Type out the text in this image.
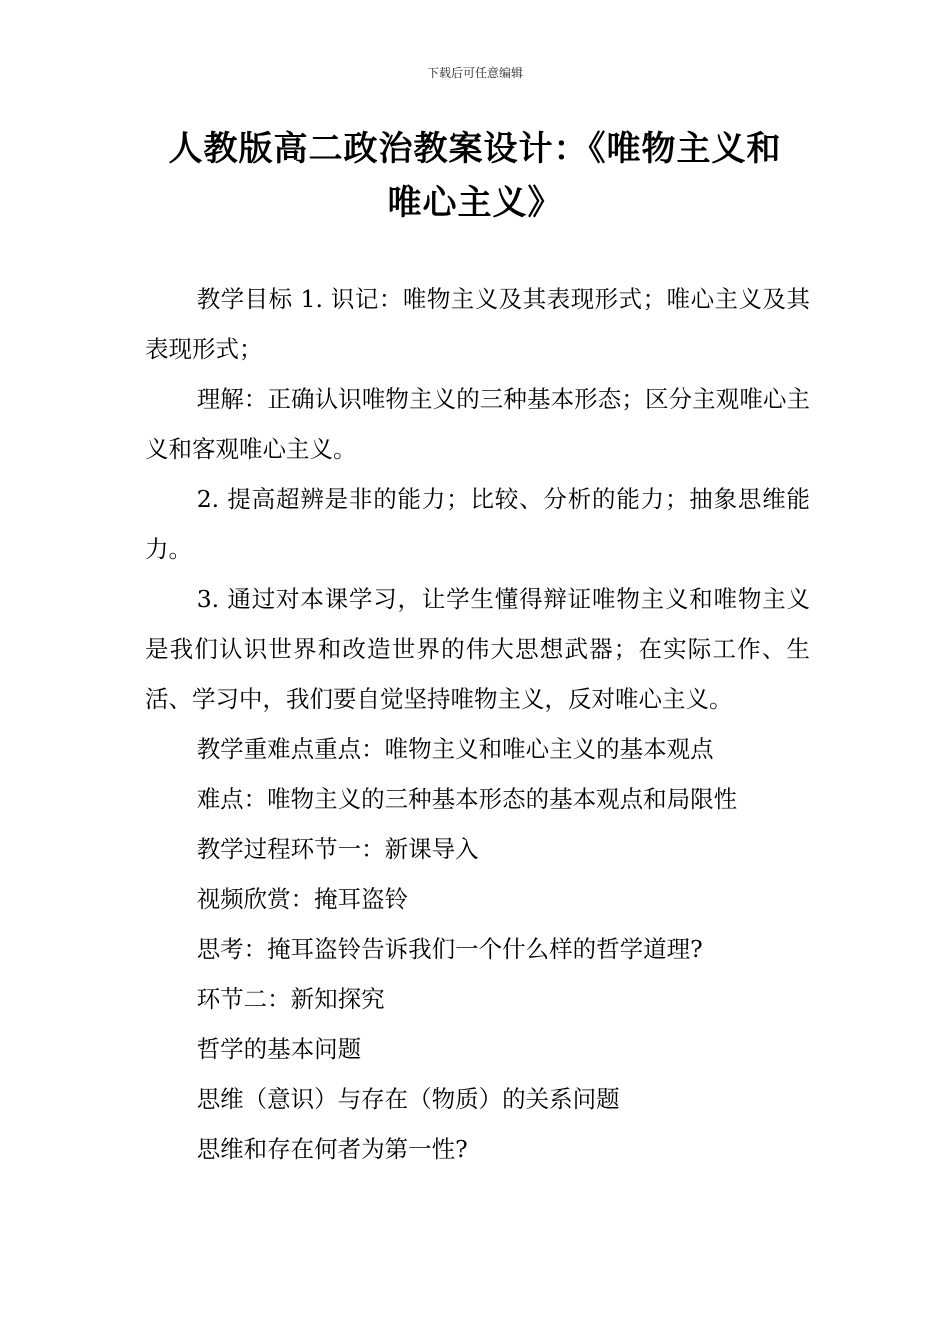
下载后可任意编辑
人教版高二政治教案设计：《唯物主义和
唯心主义》

教学目标 1. 识记：唯物主义及其表现形式；唯心主义及其表现形式；

理解：正确认识唯物主义的三种基本形态；区分主观唯心主义和客观唯心主义。

2. 提高超辨是非的能力；比较、分析的能力；抽象思维能力。

3. 通过对本课学习，让学生懂得辩证唯物主义和唯物主义是我们认识世界和改造世界的伟大思想武器；在实际工作、生活、学习中，我们要自觉坚持唯物主义，反对唯心主义。

教学重难点重点：唯物主义和唯心主义的基本观点

难点：唯物主义的三种基本形态的基本观点和局限性

教学过程环节一：新课导入

视频欣赏：掩耳盗铃

思考：掩耳盗铃告诉我们一个什么样的哲学道理?

环节二：新知探究

哲学的基本问题

思维（意识）与存在（物质）的关系问题

思维和存在何者为第一性?
